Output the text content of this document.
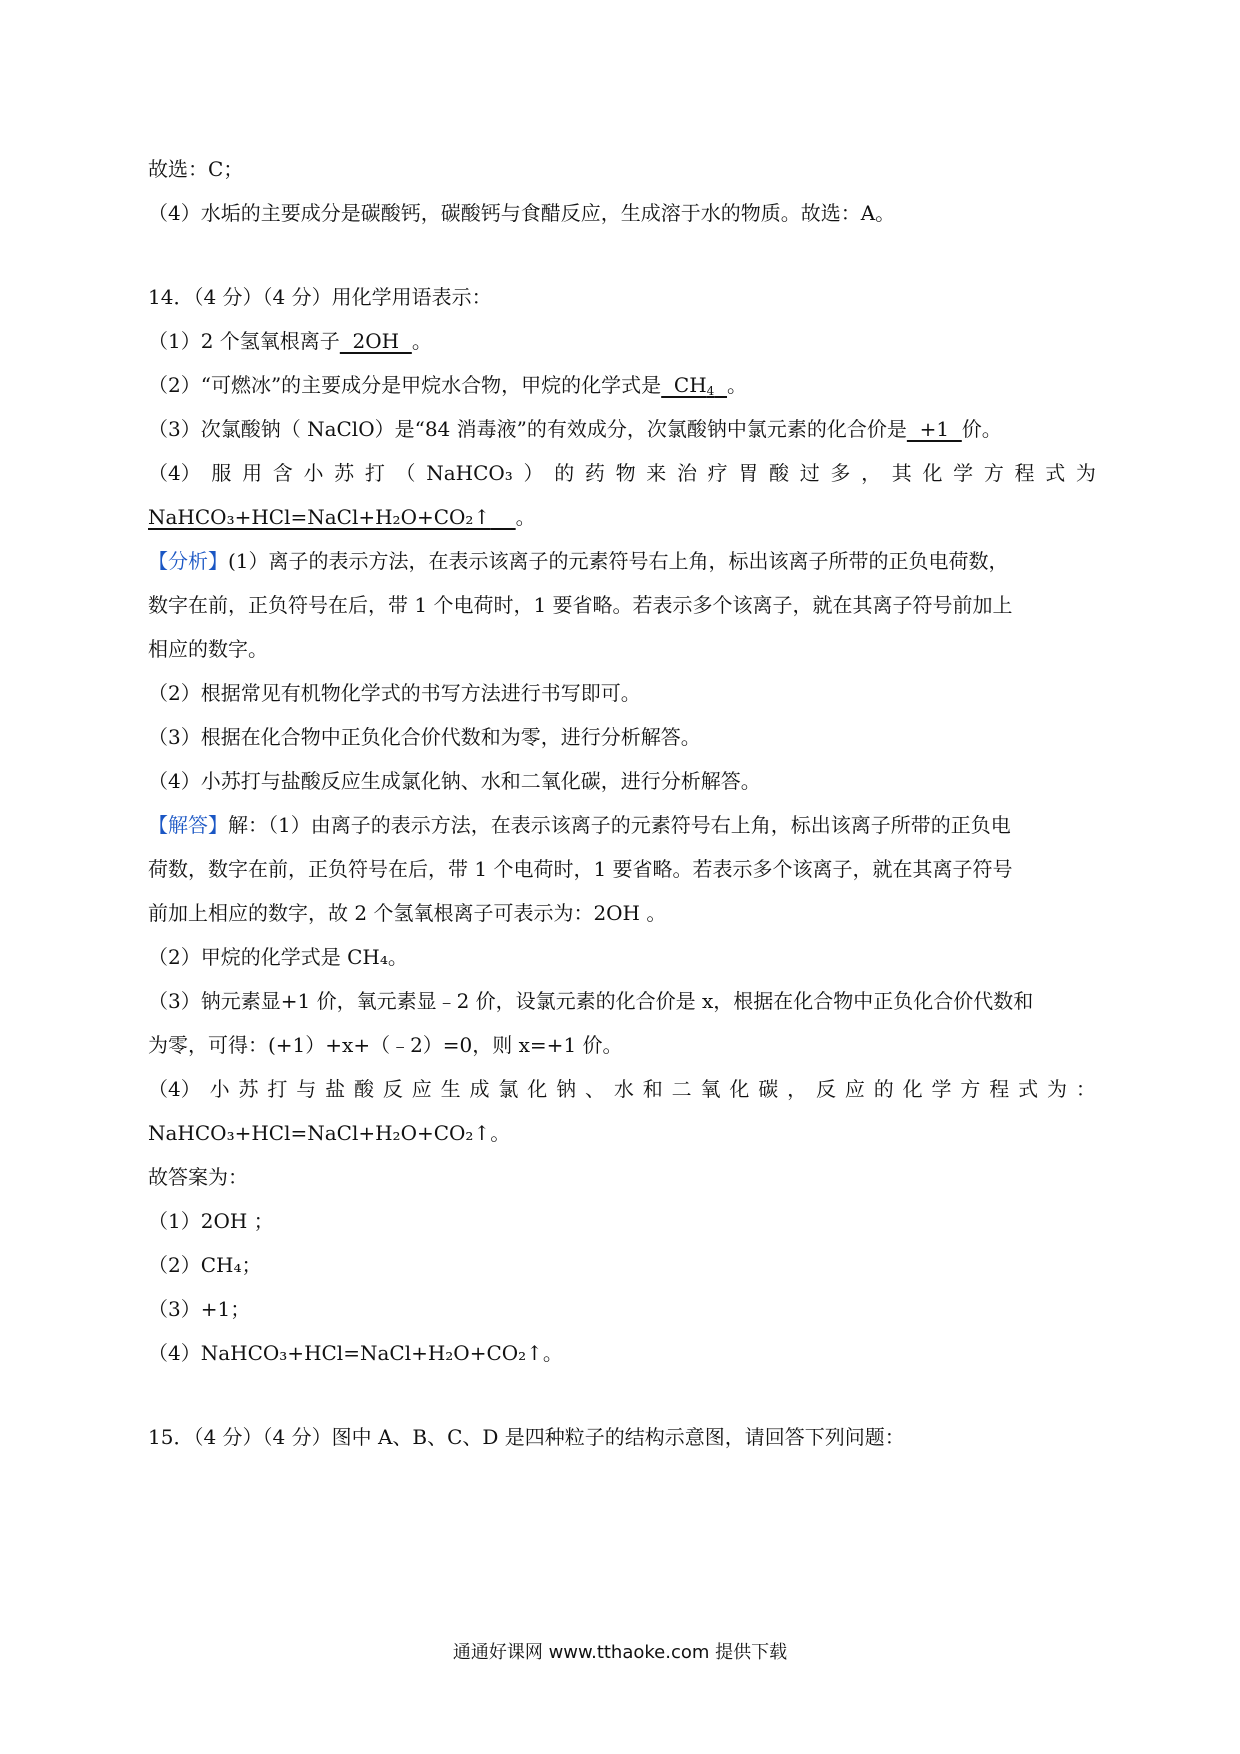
故选：C；
（4）水垢的主要成分是碳酸钙，碳酸钙与食醋反应，生成溶于水的物质。故选：A。
14．（4 分）（4 分）用化学用语表示：
（1）2 个氢氧根离子  2OH  。
（2）“可燃冰”的主要成分是甲烷水合物，甲烷的化学式是  $CH_4$ 。
（3）次氯酸钠（ NaClO）是“84 消毒液”的有效成分，次氯酸钠中氯元素的化合价是  +1  价。
（4） 服 用 含 小 苏 打 （ NaHCO₃ ） 的 药 物 来 治 疗 胃 酸 过 多 ， 其 化 学 方 程 式 为
NaHCO₃+HCl=NaCl+H₂O+CO₂↑ 。
【分析】(1）离子的表示方法，在表示该离子的元素符号右上角，标出该离子所带的正负电荷数，
数字在前，正负符号在后，带 1 个电荷时，1 要省略。若表示多个该离子，就在其离子符号前加上
相应的数字。
（2）根据常见有机物化学式的书写方法进行书写即可。
（3）根据在化合物中正负化合价代数和为零，进行分析解答。
（4）小苏打与盐酸反应生成氯化钠、水和二氧化碳，进行分析解答。
【解答】解：（1）由离子的表示方法，在表示该离子的元素符号右上角，标出该离子所带的正负电
荷数，数字在前，正负符号在后，带 1 个电荷时，1 要省略。若表示多个该离子，就在其离子符号
前加上相应的数字，故 2 个氢氧根离子可表示为：2OH 。
（2）甲烷的化学式是 CH₄。
（3）钠元素显+1 价，氧元素显﹣2 价，设氯元素的化合价是 x，根据在化合物中正负化合价代数和
为零，可得：(+1）+x+（﹣2）=0，则 x=+1 价。
（4） 小 苏 打 与 盐 酸 反 应 生 成 氯 化 钠 、 水 和 二 氧 化 碳 ， 反 应 的 化 学 方 程 式 为 ：
NaHCO₃+HCl=NaCl+H₂O+CO₂↑。
故答案为：
（1）2OH ；
（2）CH₄；
（3）+1；
（4）NaHCO₃+HCl=NaCl+H₂O+CO₂↑。
15．（4 分）（4 分）图中 A、B、C、D 是四种粒子的结构示意图，请回答下列问题：
通通好课网 www.tthaoke.com 提供下载
